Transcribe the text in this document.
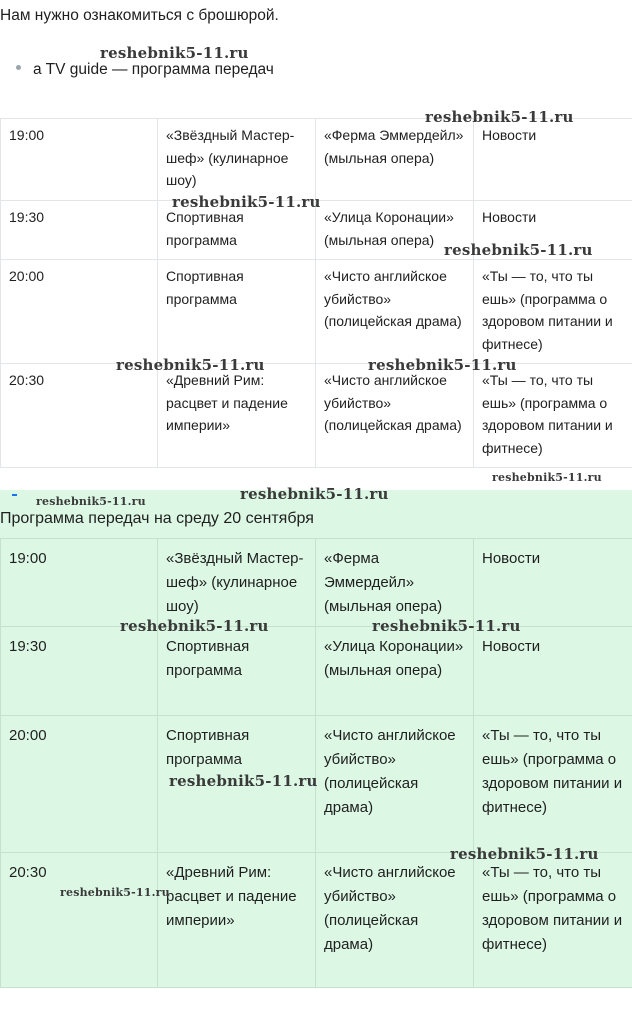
Нам нужно ознакомиться с брошюрой.
a TV guide — программа передач
19:00	«Звёздный Мастер-шеф» (кулинарное шоу)	«Ферма Эммердейл» (мыльная опера)	Новости
19:30	Спортивная программа	«Улица Коронации» (мыльная опера)	Новости
20:00	Спортивная программа	«Чисто английское убийство» (полицейская драма)	«Ты — то, что ты ешь» (программа о здоровом питании и фитнесе)
20:30	«Древний Рим: расцвет и падение империи»	«Чисто английское убийство» (полицейская драма)	«Ты — то, что ты ешь» (программа о здоровом питании и фитнесе)
Программа передач на среду 20 сентября
19:00	«Звёздный Мастер-шеф» (кулинарное шоу)	«Ферма Эммердейл» (мыльная опера)	Новости
19:30	Спортивная программа	«Улица Коронации» (мыльная опера)	Новости
20:00	Спортивная программа	«Чисто английское убийство» (полицейская драма)	«Ты — то, что ты ешь» (программа о здоровом питании и фитнесе)
20:30	«Древний Рим: расцвет и падение империи»	«Чисто английское убийство» (полицейская драма)	«Ты — то, что ты ешь» (программа о здоровом питании и фитнесе)
reshebnik5-11.ru
reshebnik5-11.ru
reshebnik5-11.ru
reshebnik5-11.ru
reshebnik5-11.ru	reshebnik5-11.ru
reshebnik5-11.ru
reshebnik5-11.ru
reshebnik5-11.ru
reshebnik5-11.ru	reshebnik5-11.ru
reshebnik5-11.ru
reshebnik5-11.ru
reshebnik5-11.ru
